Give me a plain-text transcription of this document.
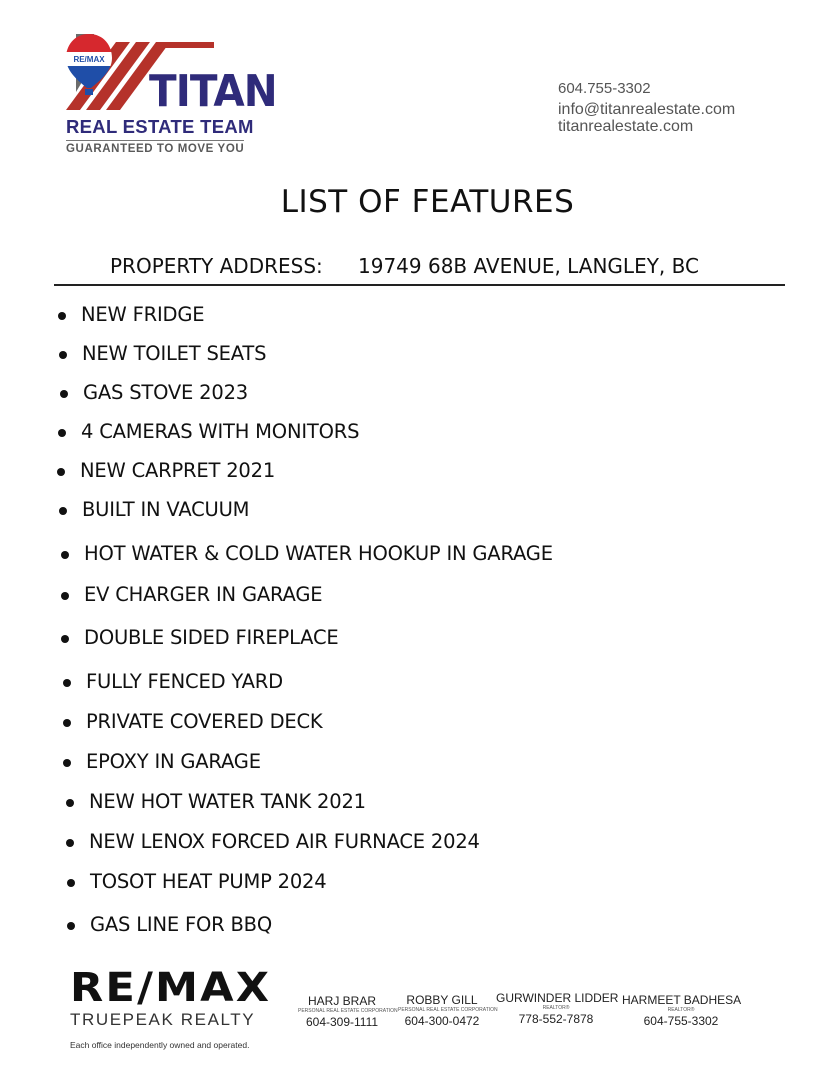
TITAN
REAL ESTATE TEAM
GUARANTEED TO MOVE YOU
RE/MAX
604.755-3302
info@titanrealestate.com
titanrealestate.com
LIST OF FEATURES
PROPERTY ADDRESS: 19749 68B AVENUE, LANGLEY, BC
NEW FRIDGE
NEW TOILET SEATS
GAS STOVE 2023
4 CAMERAS WITH MONITORS
NEW CARPRET 2021
BUILT IN VACUUM
HOT WATER & COLD WATER HOOKUP IN GARAGE
EV CHARGER IN GARAGE
DOUBLE SIDED FIREPLACE
FULLY FENCED YARD
PRIVATE COVERED DECK
EPOXY IN GARAGE
NEW HOT WATER TANK 2021
NEW LENOX FORCED AIR FURNACE 2024
TOSOT HEAT PUMP 2024
GAS LINE FOR BBQ
RE/MAX
TRUEPEAK REALTY
Each office independently owned and operated.
HARJ BRAR
PERSONAL REAL ESTATE CORPORATION
604-309-1111
ROBBY GILL
PERSONAL REAL ESTATE CORPORATION
604-300-0472
GURWINDER LIDDER
REALTOR®
778-552-7878
HARMEET BADHESA
REALTOR®
604-755-3302
